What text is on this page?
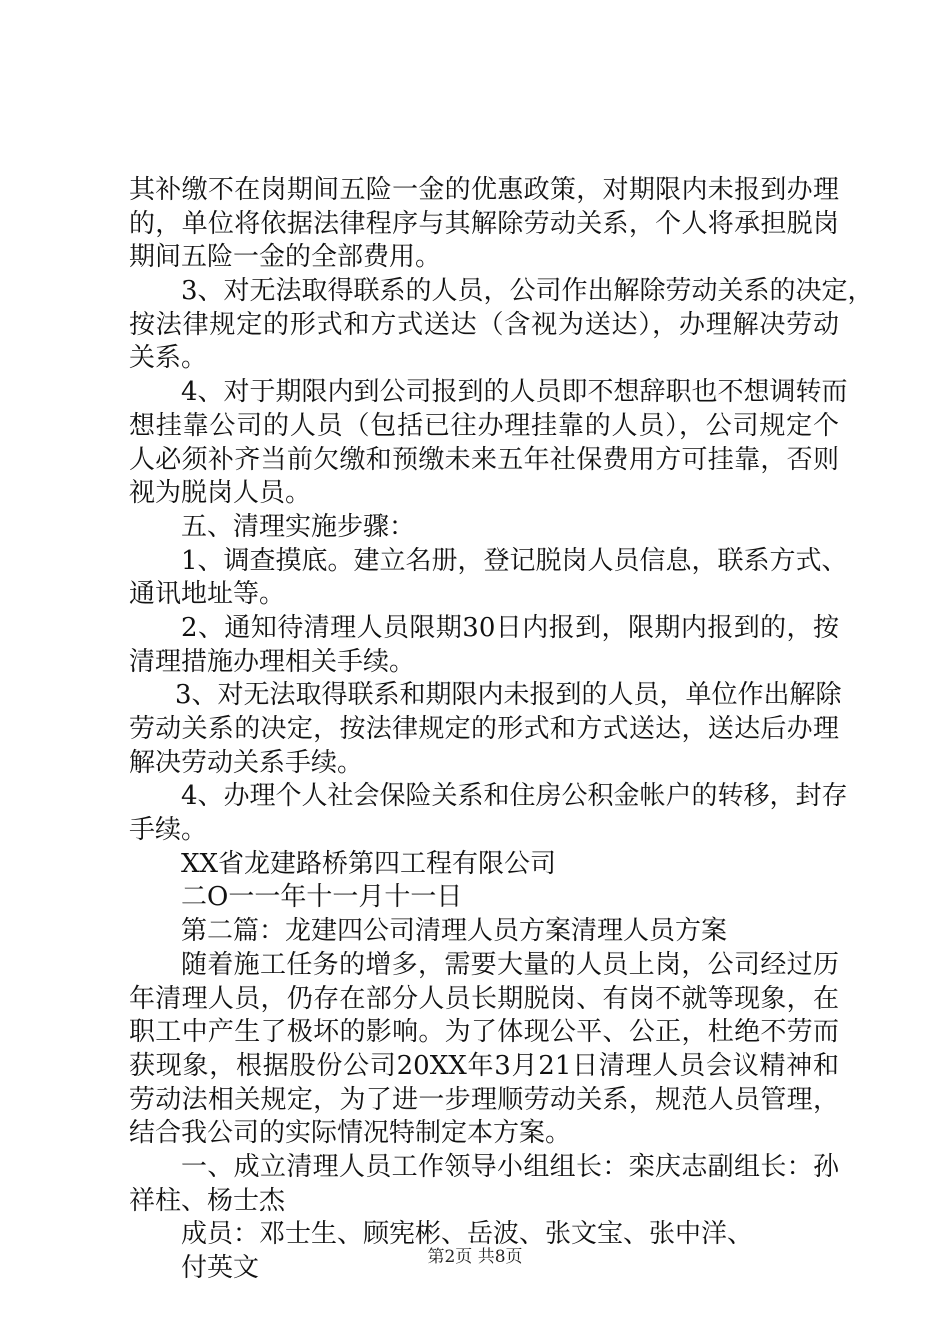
其补缴不在岗期间五险一金的优惠政策，对期限内未报到办理
的，单位将依据法律程序与其解除劳动关系，个人将承担脱岗
期间五险一金的全部费用。
3、对无法取得联系的人员，公司作出解除劳动关系的决定，
按法律规定的形式和方式送达（含视为送达），办理解决劳动
关系。
4、对于期限内到公司报到的人员即不想辞职也不想调转而
想挂靠公司的人员（包括已往办理挂靠的人员），公司规定个
人必须补齐当前欠缴和预缴未来五年社保费用方可挂靠，否则
视为脱岗人员。
五、清理实施步骤：
1、调查摸底。建立名册，登记脱岗人员信息，联系方式、
通讯地址等。
2、通知待清理人员限期30日内报到，限期内报到的，按
清理措施办理相关手续。
3、对无法取得联系和期限内未报到的人员，单位作出解除
劳动关系的决定，按法律规定的形式和方式送达，送达后办理
解决劳动关系手续。
4、办理个人社会保险关系和住房公积金帐户的转移，封存
手续。
XX省龙建路桥第四工程有限公司
二O一一年十一月十一日
第二篇：龙建四公司清理人员方案清理人员方案
随着施工任务的增多，需要大量的人员上岗，公司经过历
年清理人员，仍存在部分人员长期脱岗、有岗不就等现象，在
职工中产生了极坏的影响。为了体现公平、公正，杜绝不劳而
获现象，根据股份公司20XX年3月21日清理人员会议精神和
劳动法相关规定，为了进一步理顺劳动关系，规范人员管理，
结合我公司的实际情况特制定本方案。
一、成立清理人员工作领导小组组长：栾庆志副组长：孙
祥柱、杨士杰
成员：邓士生、顾宪彬、岳波、张文宝、张中洋、
付英文	第2页 共8页
